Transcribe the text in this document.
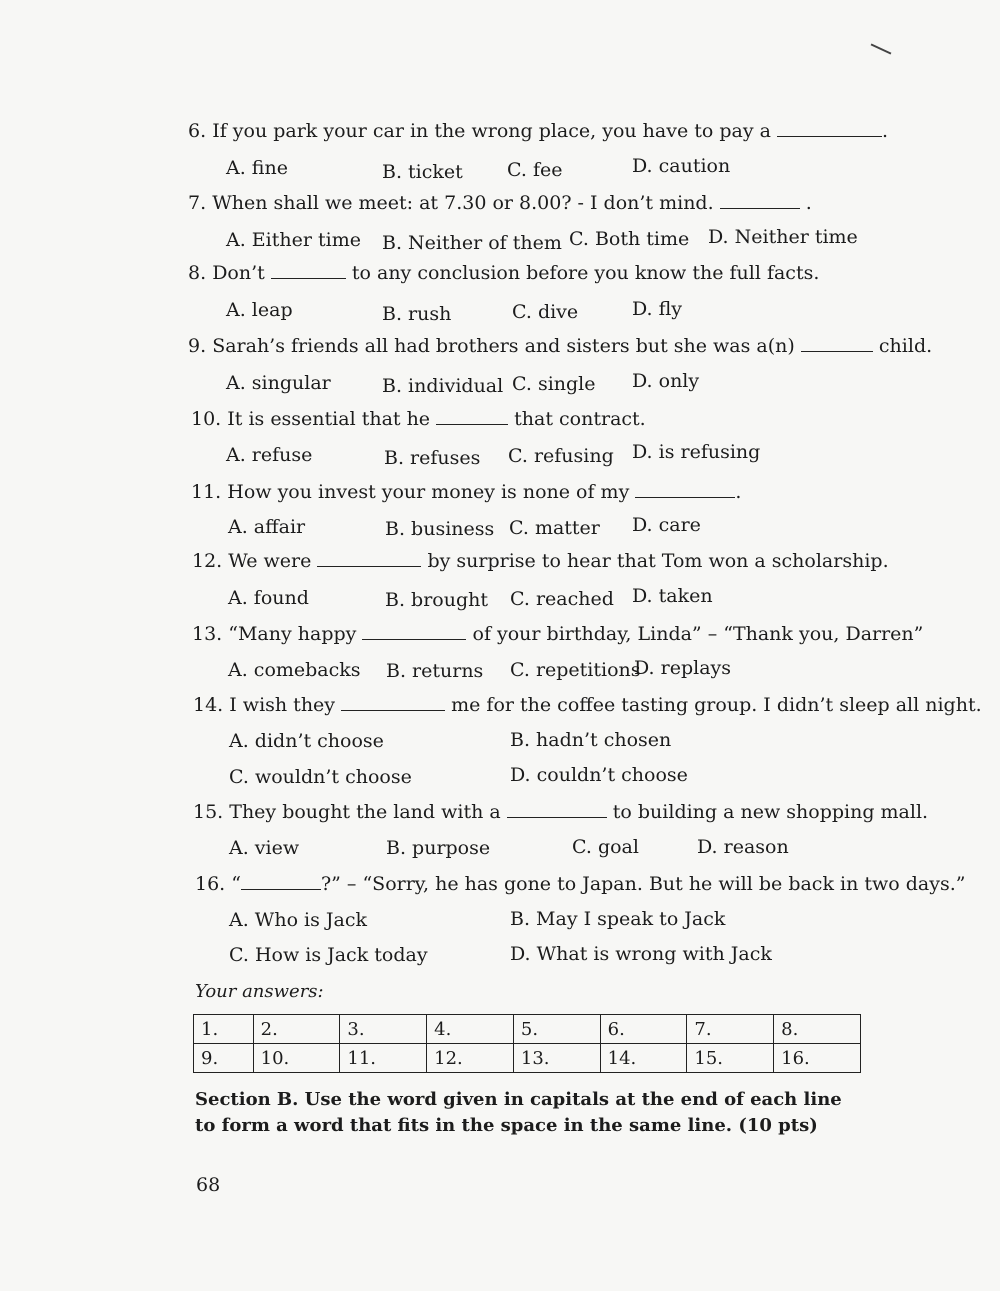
6. If you park your car in the wrong place, you have to pay a	.
A. fine	B. ticket C. fee	D. caution
7. When shall we meet: at 7.30 or 8.00? - I don’t mind.	.
A. Either time B. Neither of them C. Both time D. Neither time
8. Don’t	to any conclusion before you know the full facts.
A. leap	B. rush	C. dive	D. fly
9. Sarah’s friends all had brothers and sisters but she was a(n)	child.
A. singular	B. individual C. single D. only
10. It is essential that he	that contract.
A. refuse	B. refuses C. refusing D. is refusing
11. How you invest your money is none of my	.
A. affair	B. business C. matter D. care
12. We were	by surprise to hear that Tom won a scholarship.
A. found	B. brought C. reached D. taken
13. “Many happy	of your birthday, Linda” – “Thank you, Darren”
A. comebacks B. returns C. repetitions
D. replays
14. I wish they	me for the coffee tasting group. I didn’t sleep all night.
A. didn’t choose	B. hadn’t chosen
C. wouldn’t choose	D. couldn’t choose
15. They bought the land with a	to building a new shopping mall.
A. view	B. purpose	C. goal	D. reason
16. “	?” – “Sorry, he has gone to Japan. But he will be back in two days.”
A. Who is Jack	B. May I speak to Jack
C. How is Jack today	D. What is wrong with Jack
Your answers:
1.	2.	3.	4.	5.	6.	7.	8.
9.	10.	11.	12.	13.	14.	15.	16.
Section B. Use the word given in capitals at the end of each line to form a word that fits in the space in the same line. (10 pts)
68
